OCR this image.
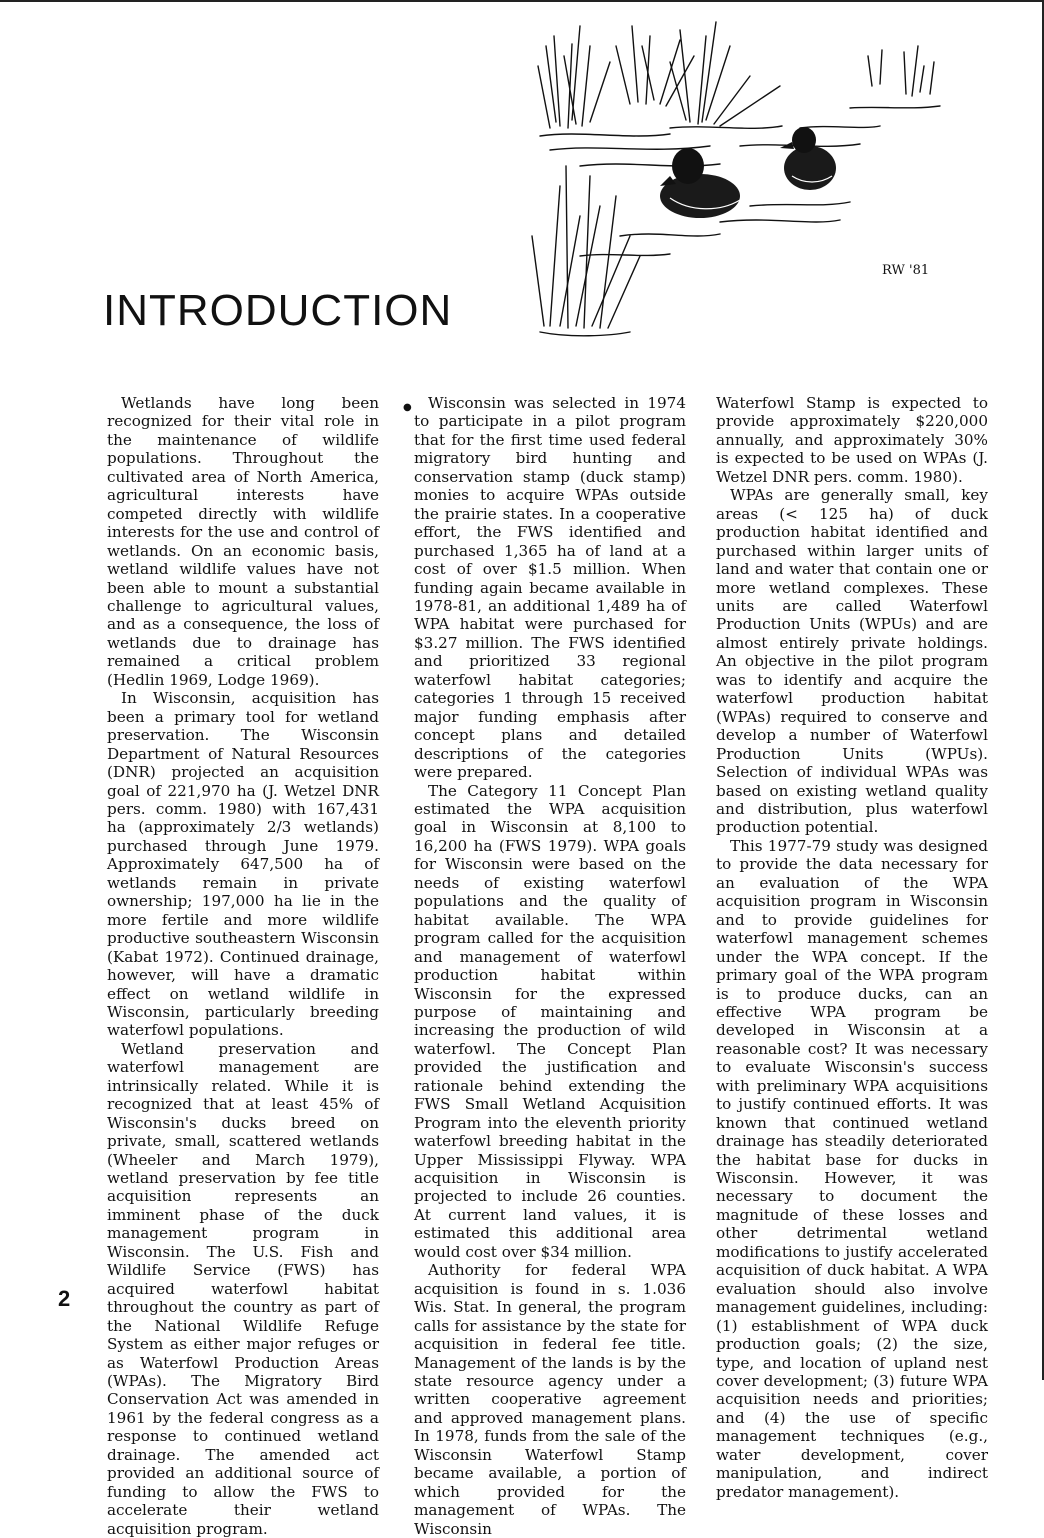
RW '81
INTRODUCTION
●

Wetlands have long been recognized for their vital role in the maintenance of wildlife populations. Throughout the cultivated area of North America, agricultural interests have competed directly with wildlife interests for the use and control of wetlands. On an economic basis, wetland wildlife values have not been able to mount a substantial challenge to agricultural values, and as a consequence, the loss of wetlands due to drainage has remained a critical problem (Hedlin 1969, Lodge 1969).

In Wisconsin, acquisition has been a primary tool for wetland preservation. The Wisconsin Department of Natural Resources (DNR) projected an acquisition goal of 221,970 ha (J. Wetzel DNR pers. comm. 1980) with 167,431 ha (approximately 2/3 wetlands) purchased through June 1979. Approximately 647,500 ha of wetlands remain in private ownership; 197,000 ha lie in the more fertile and more wildlife productive southeastern Wisconsin (Kabat 1972). Continued drainage, however, will have a dramatic effect on wetland wildlife in Wisconsin, particularly breeding waterfowl populations.

Wetland preservation and waterfowl management are intrinsically related. While it is recognized that at least 45% of Wisconsin's ducks breed on private, small, scattered wetlands (Wheeler and March 1979), wetland preservation by fee title acquisition represents an imminent phase of the duck management program in Wisconsin. The U.S. Fish and Wildlife Service (FWS) has acquired waterfowl habitat throughout the country as part of the National Wildlife Refuge System as either major refuges or as Waterfowl Production Areas (WPAs). The Migratory Bird Conservation Act was amended in 1961 by the federal congress as a response to continued wetland drainage. The amended act provided an additional source of funding to allow the FWS to accelerate their wetland acquisition program.

Wisconsin was selected in 1974 to participate in a pilot program that for the first time used federal migratory bird hunting and conservation stamp (duck stamp) monies to acquire WPAs outside the prairie states. In a cooperative effort, the FWS identified and purchased 1,365 ha of land at a cost of over $1.5 million. When funding again became available in 1978-81, an additional 1,489 ha of WPA habitat were purchased for $3.27 million. The FWS identified and prioritized 33 regional waterfowl habitat categories; categories 1 through 15 received major funding emphasis after concept plans and detailed descriptions of the categories were prepared.

The Category 11 Concept Plan estimated the WPA acquisition goal in Wisconsin at 8,100 to 16,200 ha (FWS 1979). WPA goals for Wisconsin were based on the needs of existing waterfowl populations and the quality of habitat available. The WPA program called for the acquisition and management of waterfowl production habitat within Wisconsin for the expressed purpose of maintaining and increasing the production of wild waterfowl. The Concept Plan provided the justification and rationale behind extending the FWS Small Wetland Acquisition Program into the eleventh priority waterfowl breeding habitat in the Upper Mississippi Flyway. WPA acquisition in Wisconsin is projected to include 26 counties. At current land values, it is estimated this additional area would cost over $34 million.

Authority for federal WPA acquisition is found in s. 1.036 Wis. Stat. In general, the program calls for assistance by the state for acquisition in federal fee title. Management of the lands is by the state resource agency under a written cooperative agreement and approved management plans. In 1978, funds from the sale of the Wisconsin Waterfowl Stamp became available, a portion of which provided for the management of WPAs. The Wisconsin

Waterfowl Stamp is expected to provide approximately $220,000 annually, and approximately 30% is expected to be used on WPAs (J. Wetzel DNR pers. comm. 1980).

WPAs are generally small, key areas (< 125 ha) of duck production habitat identified and purchased within larger units of land and water that contain one or more wetland complexes. These units are called Waterfowl Production Units (WPUs) and are almost entirely private holdings. An objective in the pilot program was to identify and acquire the waterfowl production habitat (WPAs) required to conserve and develop a number of Waterfowl Production Units (WPUs). Selection of individual WPAs was based on existing wetland quality and distribution, plus waterfowl production potential.

This 1977-79 study was designed to provide the data necessary for an evaluation of the WPA acquisition program in Wisconsin and to provide guidelines for waterfowl management schemes under the WPA concept. If the primary goal of the WPA program is to produce ducks, can an effective WPA program be developed in Wisconsin at a reasonable cost? It was necessary to evaluate Wisconsin's success with preliminary WPA acquisitions to justify continued efforts. It was known that continued wetland drainage has steadily deteriorated the habitat base for ducks in Wisconsin. However, it was necessary to document the magnitude of these losses and other detrimental wetland modifications to justify accelerated acquisition of duck habitat. A WPA evaluation should also involve management guidelines, including: (1) establishment of WPA duck production goals; (2) the size, type, and location of upland nest cover development; (3) future WPA acquisition needs and priorities; and (4) the use of specific management techniques (e.g., water development, cover manipulation, and indirect predator management).

2
